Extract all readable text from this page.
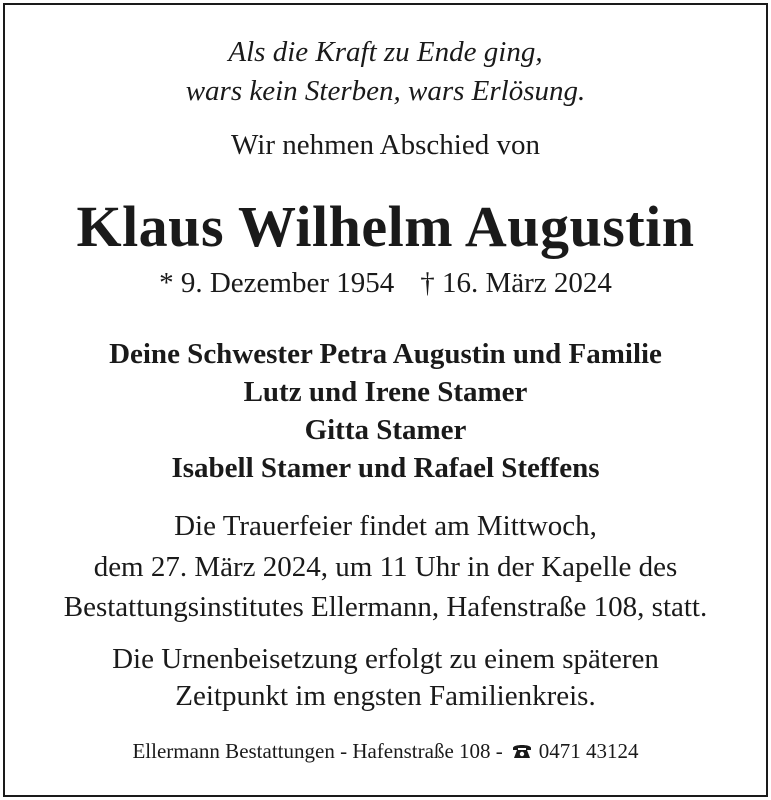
Als die Kraft zu Ende ging,

wars kein Sterben, wars Erlösung.

Wir nehmen Abschied von

Klaus Wilhelm Augustin

* 9. Dezember 1954 † 16. März 2024

Deine Schwester Petra Augustin und Familie

Lutz und Irene Stamer

Gitta Stamer

Isabell Stamer und Rafael Steffens

Die Trauerfeier findet am Mittwoch,

dem 27. März 2024, um 11 Uhr in der Kapelle des

Bestattungsinstitutes Ellermann, Hafenstraße 108, statt.

Die Urnenbeisetzung erfolgt zu einem späteren

Zeitpunkt im engsten Familienkreis.

Ellermann Bestattungen - Hafenstraße 108 - 0471 43124
